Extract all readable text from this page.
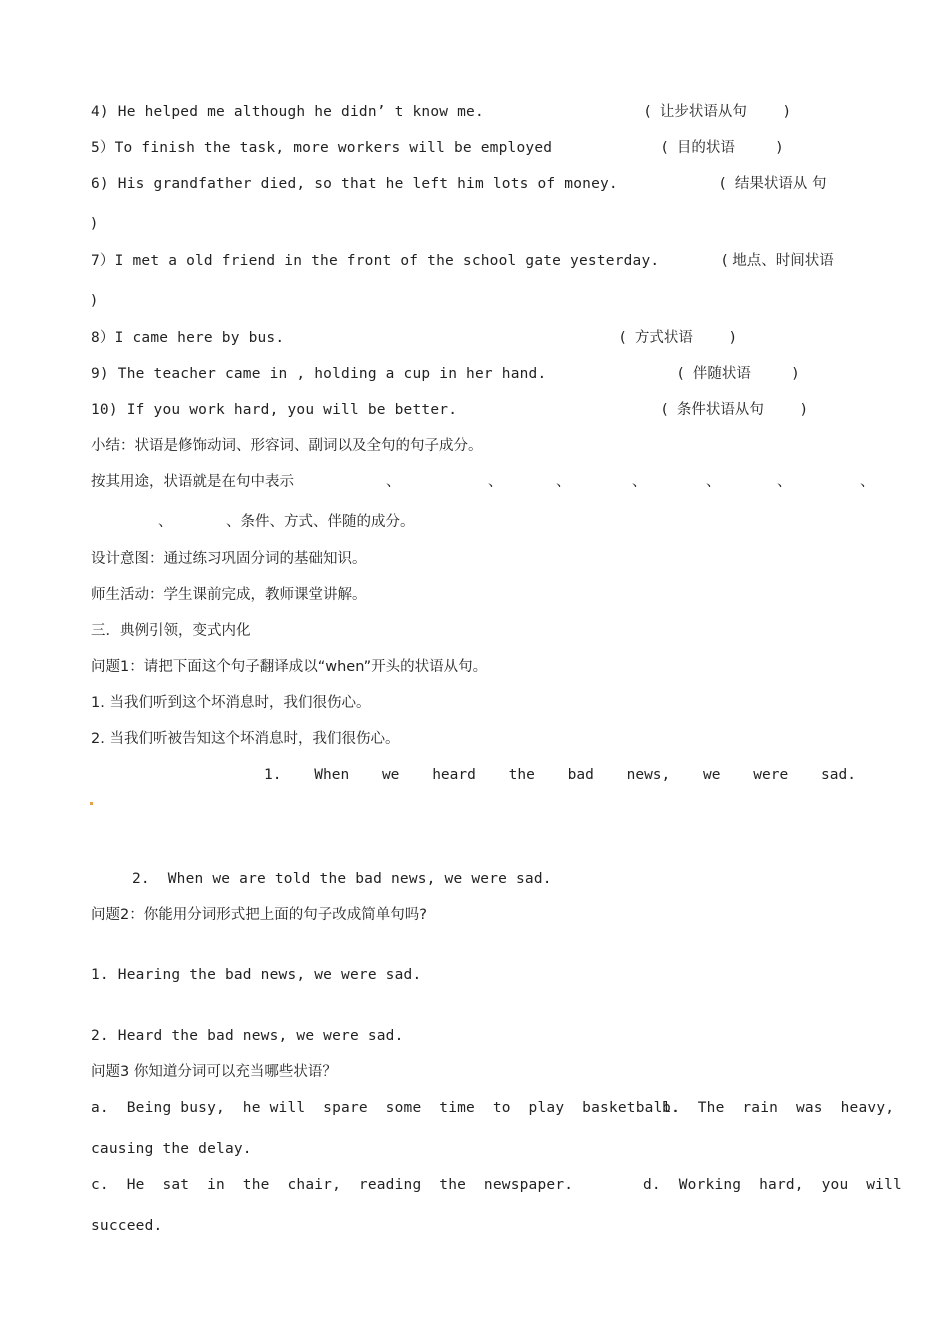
4) He helped me although he didn’ t know me.	(  让步状语从句        )
5）To finish the task, more workers will be employed	(  目的状语         )
6) His grandfather died, so that he left him lots of money.	(  结果状语从 句
)
7）I met a old friend in the front of the school gate yesterday.	( 地点、时间状语
)
8）I came here by bus.	(  方式状语        )
9) The teacher came in , holding a cup in her hand.	(  伴随状语         )
10) If you work hard, you will be better.	(  条件状语从句        )
小结：状语是修饰动词、形容词、副词以及全句的句子成分。
按其用途，状语就是在句中表示	、	、	、	、	、	、	、
、	、条件、方式、伴随的成分。
设计意图：通过练习巩固分词的基础知识。
师生活动：学生课前完成，教师课堂讲解。
三．典例引领，变式内化
问题1：请把下面这个句子翻译成以“when”开头的状语从句。
1. 当我们听到这个坏消息时，我们很伤心。
2. 当我们听被告知这个坏消息时，我们很伤心。
1. When we heard the bad news, we were sad.
2.  When we are told the bad news, we were sad.
问题2：你能用分词形式把上面的句子改成简单句吗?
1. Hearing the bad news, we were sad.
2. Heard the bad news, we were sad.
问题3 你知道分词可以充当哪些状语？
a.  Being busy,  he will  spare  some  time  to  play  basketball.
b.  The  rain  was  heavy,
causing the delay.
c.  He  sat  in  the  chair,  reading  the  newspaper.	d.  Working  hard,  you  will
succeed.
